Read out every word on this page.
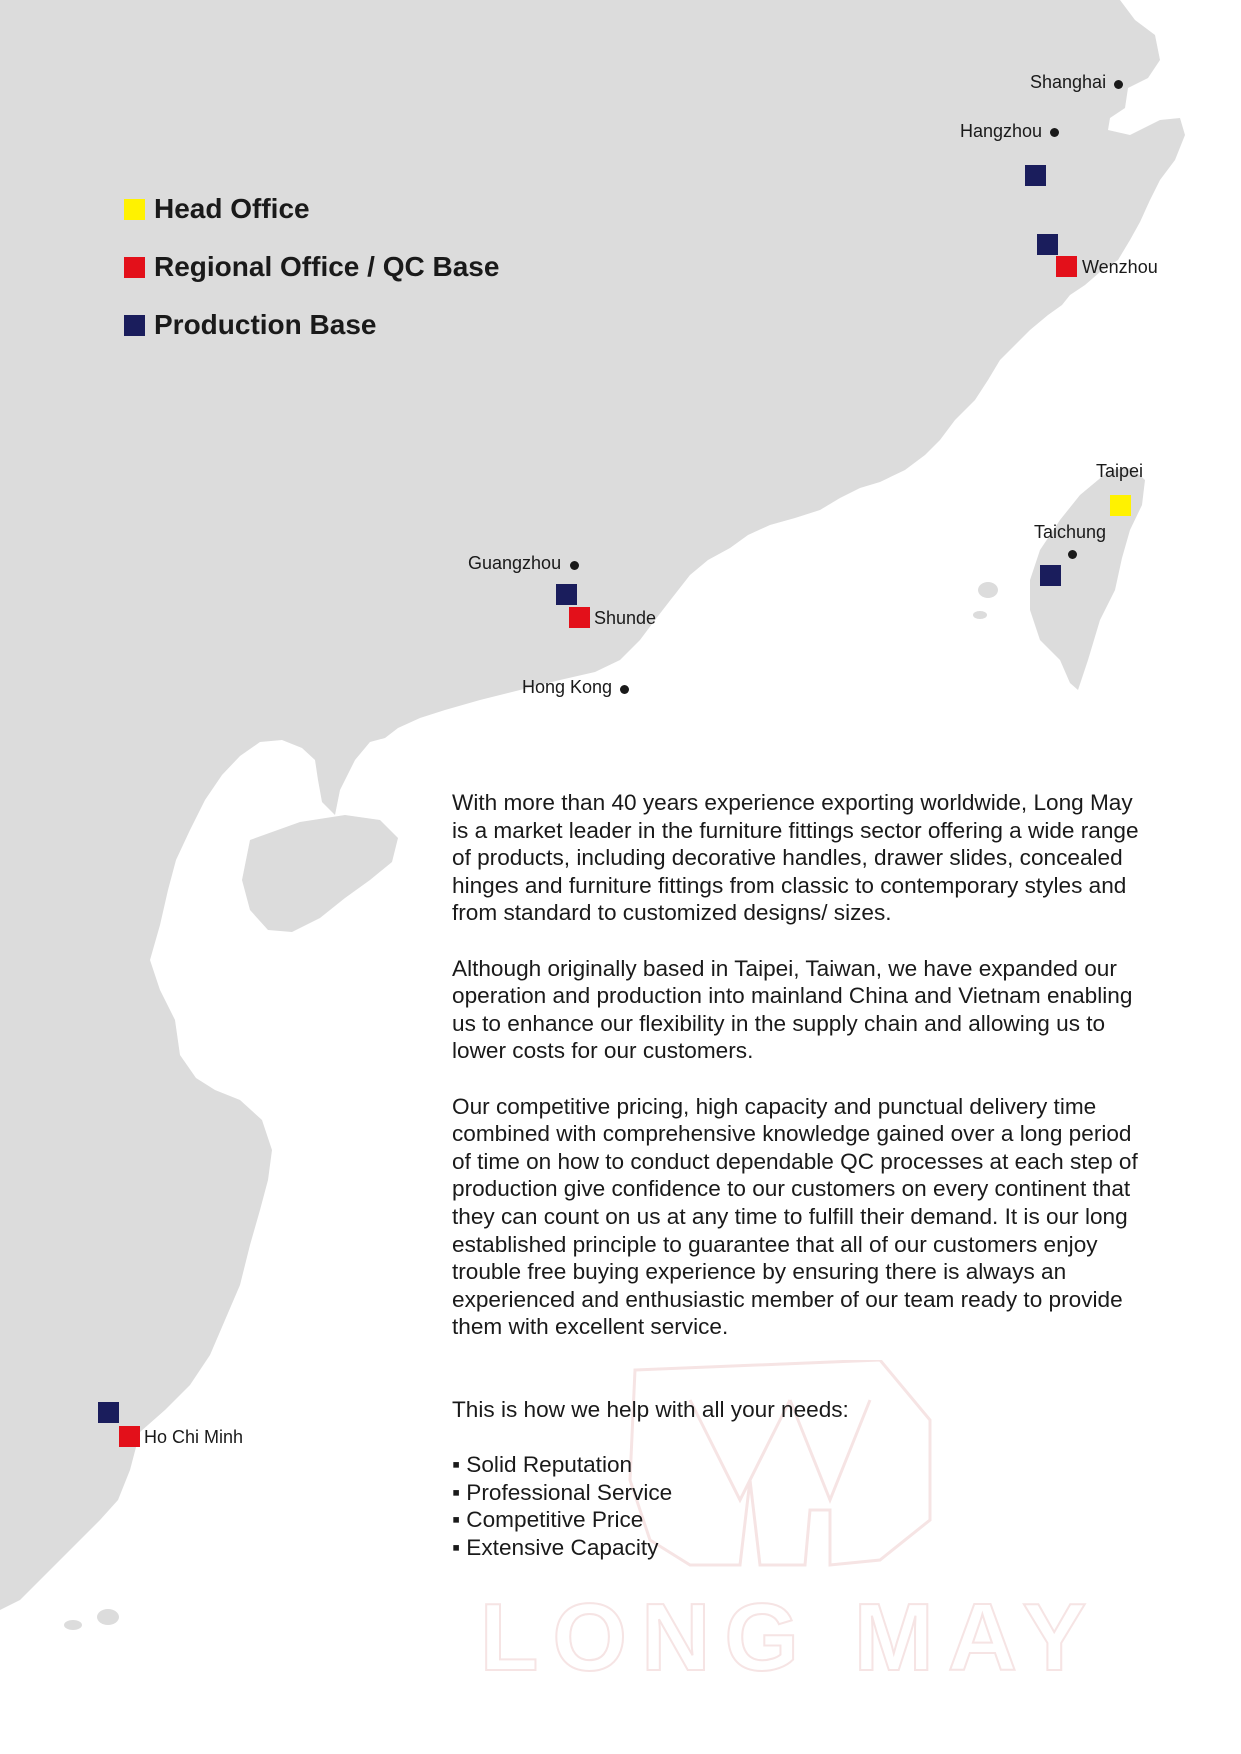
LONG MAY
Head Office
Regional Office / QC Base
Production Base
Shanghai
Hangzhou
Wenzhou
Taipei
Taichung
Guangzhou
Shunde
Hong Kong
Ho Chi Minh

With more than 40 years experience exporting worldwide, Long May is a market leader in the furniture fittings sector offering a wide range of products, including decorative handles, drawer slides, concealed hinges and furniture fittings from classic to contemporary styles and from standard to customized designs/ sizes.

Although originally based in Taipei, Taiwan, we have expanded our operation and production into mainland China and Vietnam enabling us to enhance our flexibility in the supply chain and allowing us to lower costs for our customers.

Our competitive pricing, high capacity and punctual delivery time combined with comprehensive knowledge gained over a long period of time on how to conduct dependable QC processes at each step of production give confidence to our customers on every continent that they can count on us at any time to fulfill their demand. It is our long established principle to guarantee that all of our customers enjoy trouble free buying experience by ensuring there is always an experienced and enthusiastic member of our team ready to provide them with excellent service.

This is how we help with all your needs:

▪ Solid Reputation
▪ Professional Service
▪ Competitive Price
▪ Extensive Capacity
